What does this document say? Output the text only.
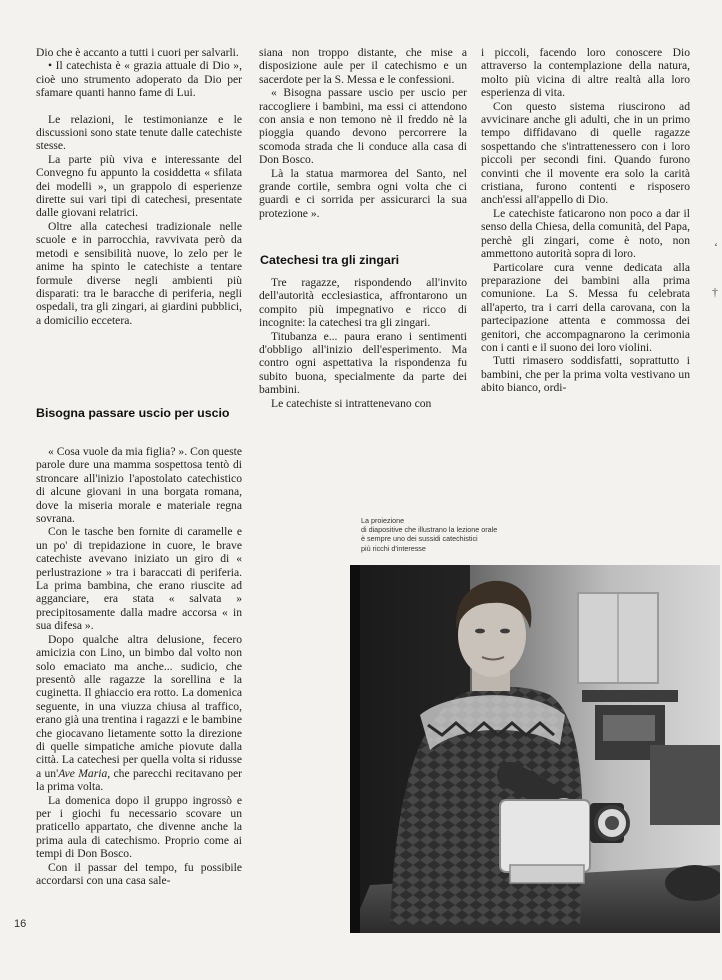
Dio che è accanto a tutti i cuori per salvarli.

• Il catechista è « grazia attuale di Dio », cioè uno strumento adoperato da Dio per sfamare quanti hanno fame di Lui.

Le relazioni, le testimonianze e le discussioni sono state tenute dalle catechiste stesse.

La parte più viva e interessante del Convegno fu appunto la cosiddetta « sfilata dei modelli », un grappolo di esperienze dirette sui vari tipi di catechesi, presentate dalle giovani relatrici.

Oltre alla catechesi tradizionale nelle scuole e in parrocchia, ravvivata però da metodi e sensibilità nuove, lo zelo per le anime ha spinto le catechiste a tentare formule diverse negli ambienti più disparati: tra le baracche di periferia, negli ospedali, tra gli zingari, ai giardini pubblici, a domicilio eccetera.

Bisogna passare uscio per uscio

« Cosa vuole da mia figlia? ». Con queste parole dure una mamma sospettosa tentò di stroncare all'inizio l'apostolato catechistico di alcune giovani in una borgata romana, dove la miseria morale e materiale regna sovrana.

Con le tasche ben fornite di caramelle e un po' di trepidazione in cuore, le brave catechiste avevano iniziato un giro di « perlustrazione » tra i baraccati di periferia. La prima bambina, che erano riuscite ad agganciare, era stata « salvata » precipitosamente dalla madre accorsa « in sua difesa ».

Dopo qualche altra delusione, fecero amicizia con Lino, un bimbo dal volto non solo emaciato ma anche... sudicio, che presentò alle ragazze la sorellina e la cuginetta. Il ghiaccio era rotto. La domenica seguente, in una viuzza chiusa al traffico, erano già una trentina i ragazzi e le bambine che giocavano lietamente sotto la direzione di quelle simpatiche amiche piovute dalla città. La catechesi per quella volta si ridusse a un'Ave Maria, che parecchi recitavano per la prima volta.

La domenica dopo il gruppo ingrossò e per i giochi fu necessario scovare un praticello appartato, che divenne anche la prima aula di catechismo. Proprio come ai tempi di Don Bosco.

Con il passar del tempo, fu possibile accordarsi con una casa sale-

16

siana non troppo distante, che mise a disposizione aule per il catechismo e un sacerdote per la S. Messa e le confessioni.

« Bisogna passare uscio per uscio per raccogliere i bambini, ma essi ci attendono con ansia e non temono nè il freddo nè la pioggia quando devono percorrere la scomoda strada che li conduce alla casa di Don Bosco.

Là la statua marmorea del Santo, nel grande cortile, sembra ogni volta che ci guardi e ci sorrida per assicurarci la sua protezione ».

Catechesi tra gli zingari

Tre ragazze, rispondendo all'invito dell'autorità ecclesiastica, affrontarono un compito più impegnativo e ricco di incognite: la catechesi tra gli zingari.

Titubanza e... paura erano i sentimenti d'obbligo all'inizio dell'esperimento. Ma contro ogni aspettativa la rispondenza fu subito buona, specialmente da parte dei bambini.

Le catechiste si intrattenevano con

i piccoli, facendo loro conoscere Dio attraverso la contemplazione della natura, molto più vicina di altre realtà alla loro esperienza di vita.

Con questo sistema riuscirono ad avvicinare anche gli adulti, che in un primo tempo diffidavano di quelle ragazze sospettando che s'intrattenessero con i loro piccoli per secondi fini. Quando furono convinti che il movente era solo la carità cristiana, furono contenti e risposero anch'essi all'appello di Dio.

Le catechiste faticarono non poco a dar il senso della Chiesa, della comunità, del Papa, perchè gli zingari, come è noto, non ammettono autorità sopra di loro.

Particolare cura venne dedicata alla preparazione dei bambini alla prima comunione. La S. Messa fu celebrata all'aperto, tra i carri della carovana, con la partecipazione attenta e commossa dei genitori, che accompagnarono la cerimonia con i canti e il suono dei loro violini.

Tutti rimasero soddisfatti, soprattutto i bambini, che per la prima volta vestivano un abito bianco, ordi-

La proiezione
di diapositive che illustrano la lezione orale
è sempre uno dei sussidi catechistici
più ricchi d'interesse
‘
†
